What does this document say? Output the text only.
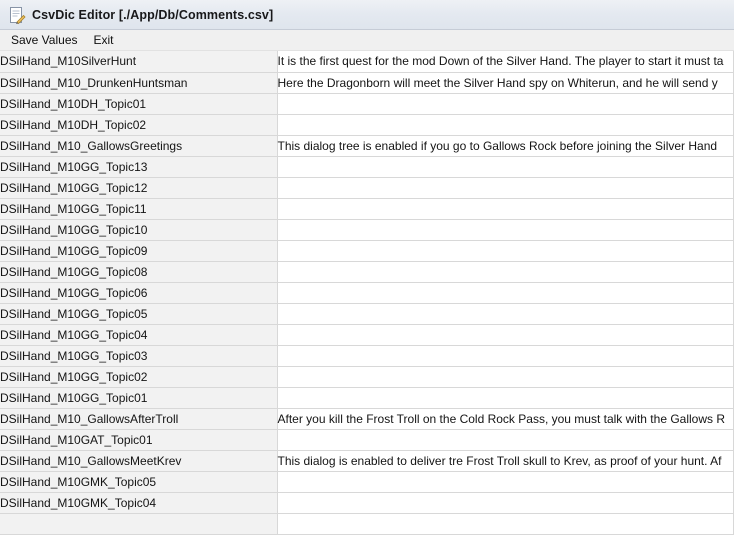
CsvDic Editor [./App/Db/Comments.csv]
Save Values	Exit
DSilHand_M10SilverHunt	It is the first quest for the mod Down of the Silver Hand. The player to start it must ta

DSilHand_M10_DrunkenHuntsman	Here the Dragonborn will meet the Silver Hand spy on Whiterun, and he will send y

DSilHand_M10DH_Topic01	

DSilHand_M10DH_Topic02	

DSilHand_M10_GallowsGreetings	This dialog tree is enabled if you go to Gallows Rock before joining the Silver Hand

DSilHand_M10GG_Topic13	

DSilHand_M10GG_Topic12	

DSilHand_M10GG_Topic11	

DSilHand_M10GG_Topic10	

DSilHand_M10GG_Topic09	

DSilHand_M10GG_Topic08	

DSilHand_M10GG_Topic06	

DSilHand_M10GG_Topic05	

DSilHand_M10GG_Topic04	

DSilHand_M10GG_Topic03	

DSilHand_M10GG_Topic02	

DSilHand_M10GG_Topic01	

DSilHand_M10_GallowsAfterTroll	After you kill the Frost Troll on the Cold Rock Pass, you must talk with the Gallows R

DSilHand_M10GAT_Topic01	

DSilHand_M10_GallowsMeetKrev	This dialog is enabled to deliver tre Frost Troll skull to Krev, as proof of your hunt. Af

DSilHand_M10GMK_Topic05	

DSilHand_M10GMK_Topic04	
